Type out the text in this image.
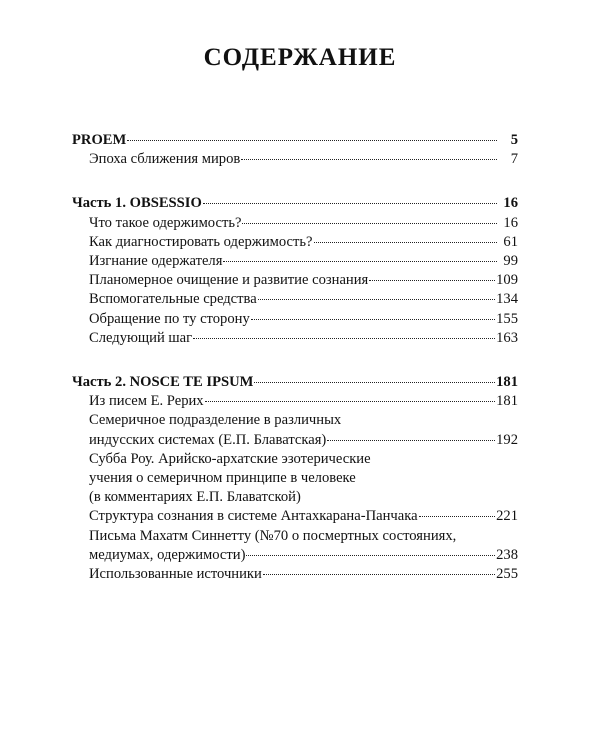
СОДЕРЖАНИЕ
PROEM	5
Эпоха сближения миров	7
Часть 1. OBSESSIO	16
Что такое одержимость?	16
Как диагностировать одержимость?	61
Изгнание одержателя	99
Планомерное очищение и развитие сознания	109
Вспомогательные средства	134
Обращение по ту сторону	155
Следующий шаг	163
Часть 2. NOSCE TE IPSUM	181
Из писем Е. Рерих	181
Семеричное подразделение в различных
индусских системах (Е.П. Блаватская)	192
Субба Роу. Арийско-архатские эзотерические
учения о семеричном принципе в человеке
(в комментариях Е.П. Блаватской)
Структура сознания в системе Антахкарана-Панчака	221
Письма Махатм Синнетту (№70 о посмертных состояниях,
медиумах, одержимости)	238
Использованные источники	255
